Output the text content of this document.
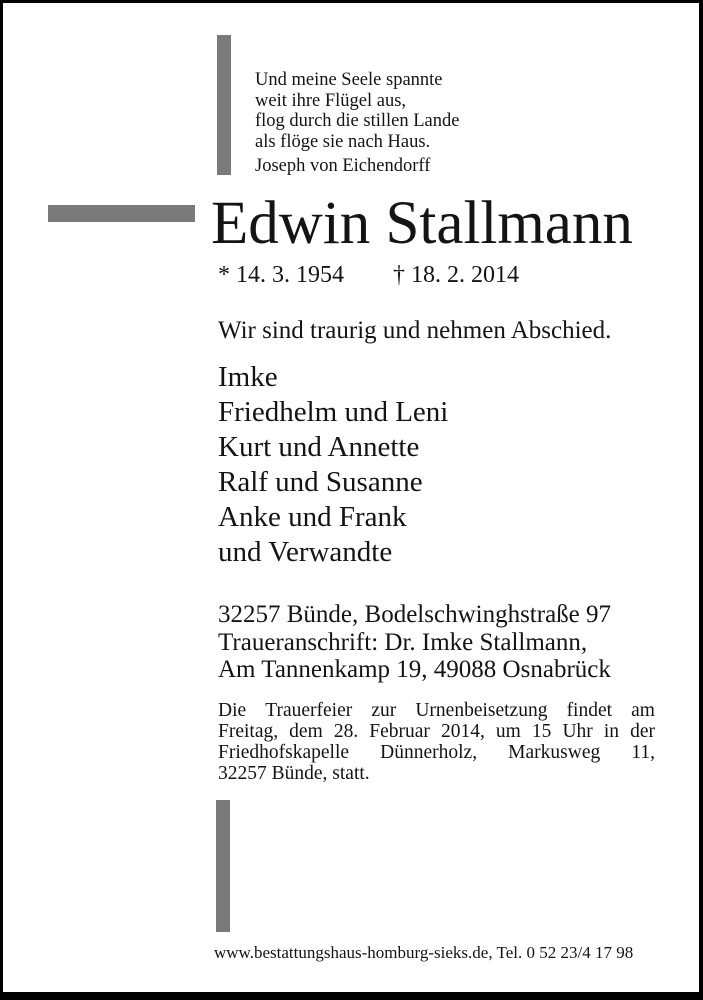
Und meine Seele spannte
weit ihre Flügel aus,
flog durch die stillen Lande
als flöge sie nach Haus.
Joseph von Eichendorff
Edwin Stallmann
* 14. 3. 1954 † 18. 2. 2014
Wir sind traurig und nehmen Abschied.
Imke
Friedhelm und Leni
Kurt und Annette
Ralf und Susanne
Anke und Frank
und Verwandte
32257 Bünde, Bodelschwinghstraße 97
Traueranschrift: Dr. Imke Stallmann,
Am Tannenkamp 19, 49088 Osnabrück
Die Trauerfeier zur Urnenbeisetzung findet am
Freitag, dem 28. Februar 2014, um 15 Uhr in der
Friedhofskapelle Dünnerholz, Markusweg 11,
32257 Bünde, statt.
www.bestattungshaus-homburg-sieks.de, Tel. 0 52 23/4 17 98
